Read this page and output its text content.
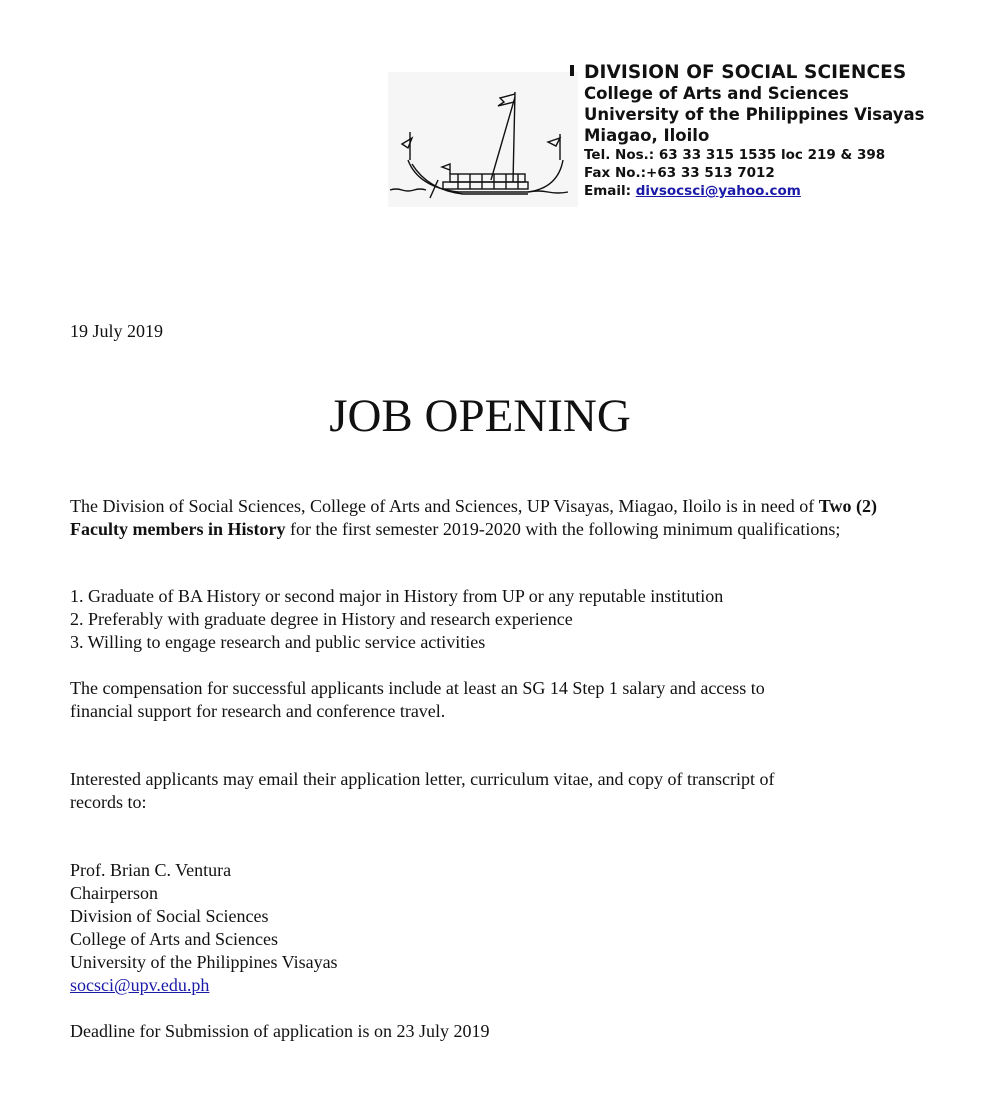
DIVISION OF SOCIAL SCIENCES
College of Arts and Sciences
University of the Philippines Visayas
Miagao, Iloilo
Tel. Nos.: 63 33 315 1535 loc 219 & 398
Fax No.:+63 33 513 7012
Email: divsocsci@yahoo.com
19 July 2019
JOB OPENING
The Division of Social Sciences, College of Arts and Sciences, UP Visayas, Miagao, Iloilo is in need of Two (2) Faculty members in History for the first semester 2019-2020 with the following minimum qualifications;
1. Graduate of BA History or second major in History from UP or any reputable institution
2. Preferably with graduate degree in History and research experience
3. Willing to engage research and public service activities
The compensation for successful applicants include at least an SG 14 Step 1 salary and access to
financial support for research and conference travel.
Interested applicants may email their application letter, curriculum vitae, and copy of transcript of
records to:
Prof. Brian C. Ventura
Chairperson
Division of Social Sciences
College of Arts and Sciences
University of the Philippines Visayas
socsci@upv.edu.ph
Deadline for Submission of application is on 23 July 2019
